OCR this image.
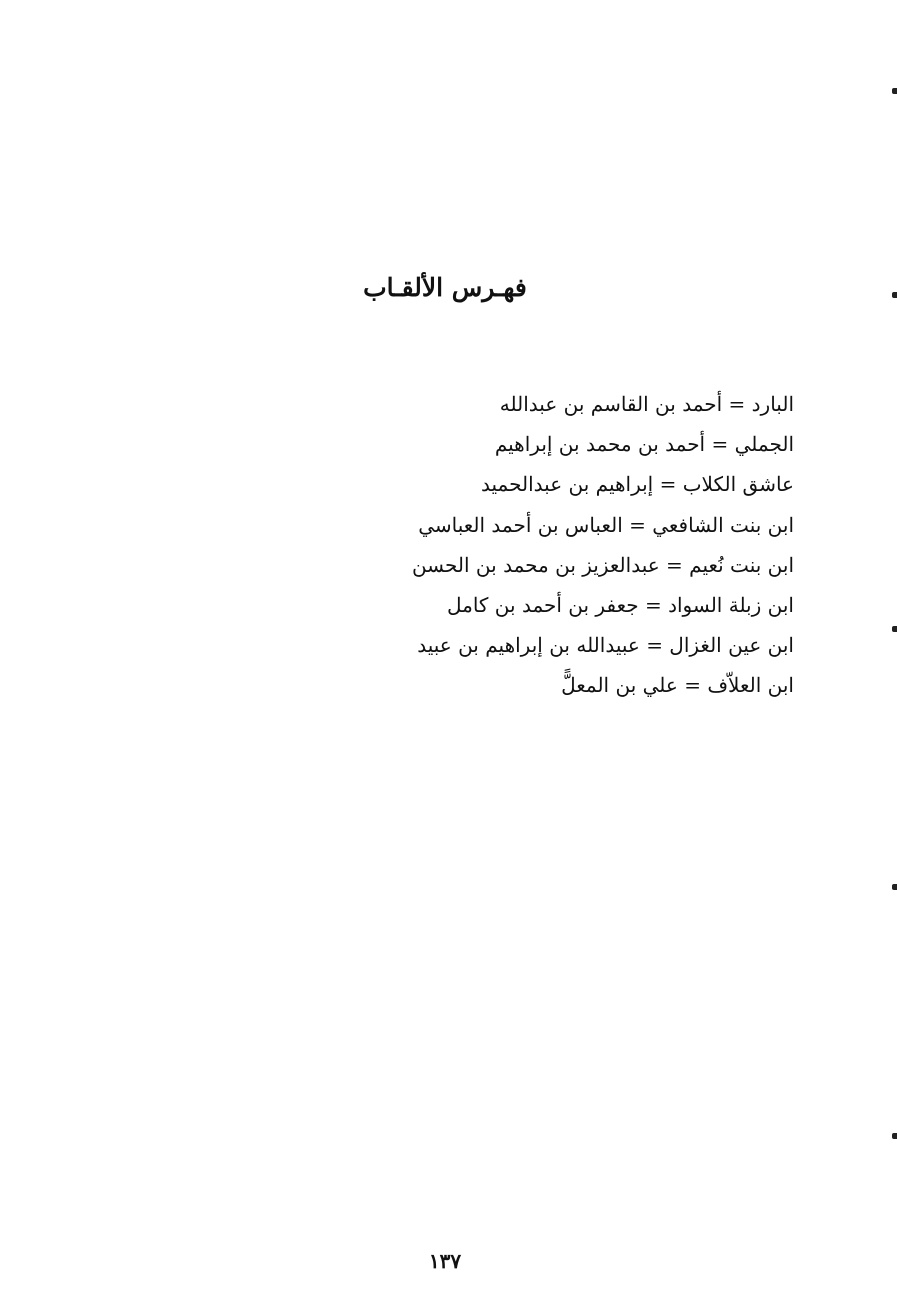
فهـرس الألقـاب
البارد = أحمد بن القاسم بن عبدالله
الجملي = أحمد بن محمد بن إبراهيم
عاشق الكلاب = إبراهيم بن عبدالحميد
ابن بنت الشافعي = العباس بن أحمد العباسي
ابن بنت نُعيم = عبدالعزيز بن محمد بن الحسن
ابن زبلة السواد = جعفر بن أحمد بن كامل
ابن عين الغزال = عبيدالله بن إبراهيم بن عبيد
ابن العلاّف = علي بن المعلًّ
١٣٧
